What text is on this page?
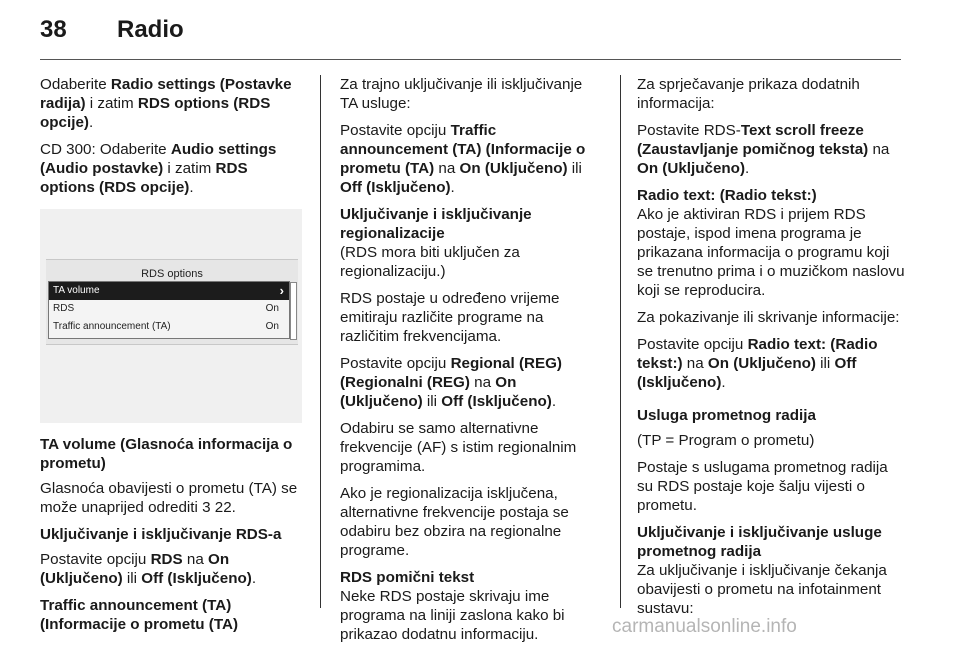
38 Radio

Odaberite Radio settings (Postavke radija) i zatim RDS options (RDS opcije).

CD 300: Odaberite Audio settings (Audio postavke) i zatim RDS options (RDS opcije).

RDS options
TA volume	›
RDS	On
Traffic announcement (TA)	On

TA volume (Glasnoća informacija o prometu)

Glasnoća obavijesti o prometu (TA) se može unaprijed odrediti 3 22.

Uključivanje i isključivanje RDS-a

Postavite opciju RDS na On (Uključeno) ili Off (Isključeno).

Traffic announcement (TA) (Informacije o prometu (TA)

Za trajno uključivanje ili isključivanje TA usluge:

Postavite opciju Traffic announcement (TA) (Informacije o prometu (TA) na On (Uključeno) ili Off (Isključeno).

Uključivanje i isključivanje regionalizacije

(RDS mora biti uključen za regionalizaciju.)

RDS postaje u određeno vrijeme emitiraju različite programe na različitim frekvencijama.

Postavite opciju Regional (REG) (Regionalni (REG) na On (Uključeno) ili Off (Isključeno).

Odabiru se samo alternativne frekvencije (AF) s istim regionalnim programima.

Ako je regionalizacija isključena, alternativne frekvencije postaja se odabiru bez obzira na regionalne programe.

RDS pomični tekst

Neke RDS postaje skrivaju ime programa na liniji zaslona kako bi prikazao dodatnu informaciju.

Za sprječavanje prikaza dodatnih informacija:

Postavite RDS-Text scroll freeze (Zaustavljanje pomičnog teksta) na On (Uključeno).

Radio text: (Radio tekst:)

Ako je aktiviran RDS i prijem RDS postaje, ispod imena programa je prikazana informacija o programu koji se trenutno prima i o muzičkom naslovu koji se reproducira.

Za pokazivanje ili skrivanje informacije:

Postavite opciju Radio text: (Radio tekst:) na On (Uključeno) ili Off (Isključeno).

Usluga prometnog radija

(TP = Program o prometu)

Postaje s uslugama prometnog radija su RDS postaje koje šalju vijesti o prometu.

Uključivanje i isključivanje usluge prometnog radija

Za uključivanje i isključivanje čekanja obavijesti o prometu na infotainment sustavu:

carmanualsonline.info
